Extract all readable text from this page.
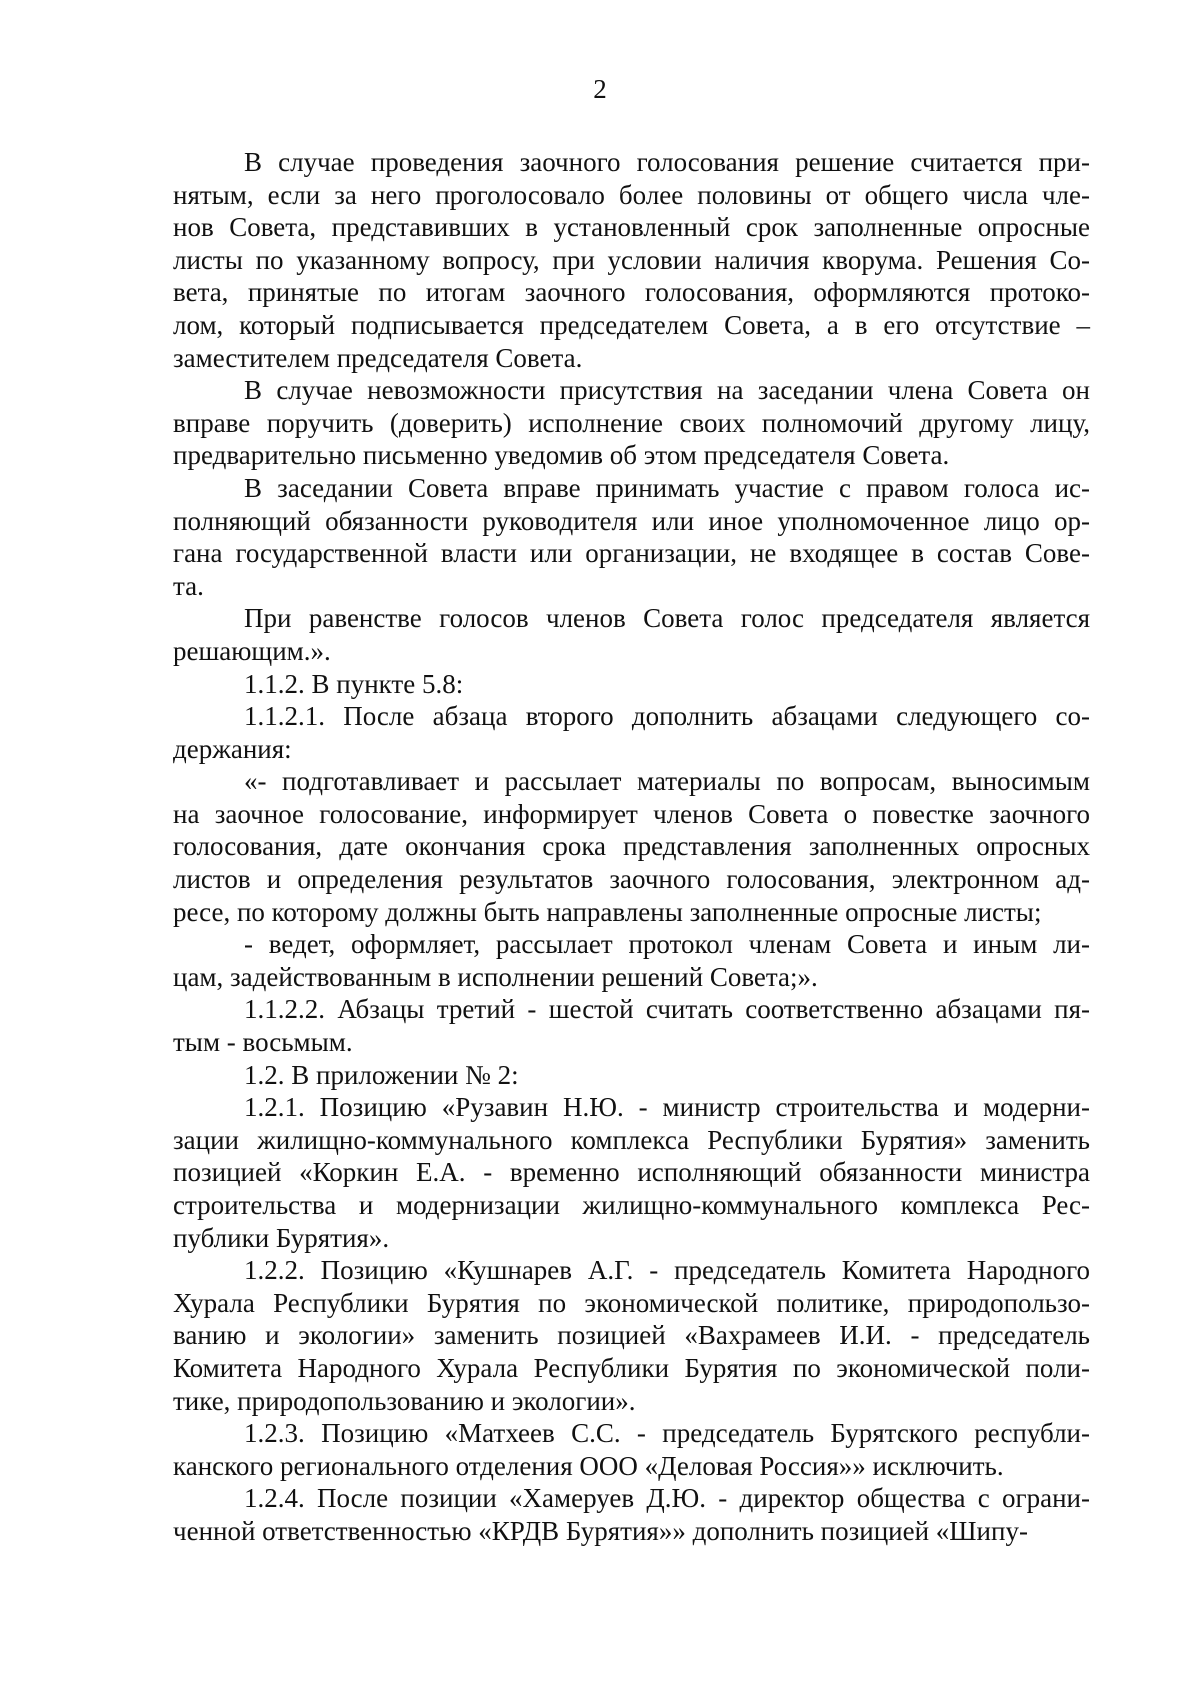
2
В случае проведения заочного голосования решение считается при-
нятым, если за него проголосовало более половины от общего числа чле-
нов Совета, представивших в установленный срок заполненные опросные
листы по указанному вопросу, при условии наличия кворума. Решения Со-
вета, принятые по итогам заочного голосования, оформляются протоко-
лом, который подписывается председателем Совета, а в его отсутствие –
заместителем председателя Совета.
В случае невозможности присутствия на заседании члена Совета он
вправе поручить (доверить) исполнение своих полномочий другому лицу,
предварительно письменно уведомив об этом председателя Совета.
В заседании Совета вправе принимать участие с правом голоса ис-
полняющий обязанности руководителя или иное уполномоченное лицо ор-
гана государственной власти или организации, не входящее в состав Сове-
та.
При равенстве голосов членов Совета голос председателя является
решающим.».
1.1.2. В пункте 5.8:
1.1.2.1. После абзаца второго дополнить абзацами следующего со-
держания:
«- подготавливает и рассылает материалы по вопросам, выносимым
на заочное голосование, информирует членов Совета о повестке заочного
голосования, дате окончания срока представления заполненных опросных
листов и определения результатов заочного голосования, электронном ад-
ресе, по которому должны быть направлены заполненные опросные листы;
- ведет, оформляет, рассылает протокол членам Совета и иным ли-
цам, задействованным в исполнении решений Совета;».
1.1.2.2. Абзацы третий - шестой считать соответственно абзацами пя-
тым - восьмым.
1.2. В приложении № 2:
1.2.1. Позицию «Рузавин Н.Ю. - министр строительства и модерни-
зации жилищно-коммунального комплекса Республики Бурятия» заменить
позицией «Коркин Е.А. - временно исполняющий обязанности министра
строительства и модернизации жилищно-коммунального комплекса Рес-
публики Бурятия».
1.2.2. Позицию «Кушнарев А.Г. - председатель Комитета Народного
Хурала Республики Бурятия по экономической политике, природопользо-
ванию и экологии» заменить позицией «Вахрамеев И.И. - председатель
Комитета Народного Хурала Республики Бурятия по экономической поли-
тике, природопользованию и экологии».
1.2.3. Позицию «Матхеев С.С. - председатель Бурятского республи-
канского регионального отделения ООО «Деловая Россия»» исключить.
1.2.4. После позиции «Хамеруев Д.Ю. - директор общества с ограни-
ченной ответственностью «КРДВ Бурятия»» дополнить позицией «Шипу-
